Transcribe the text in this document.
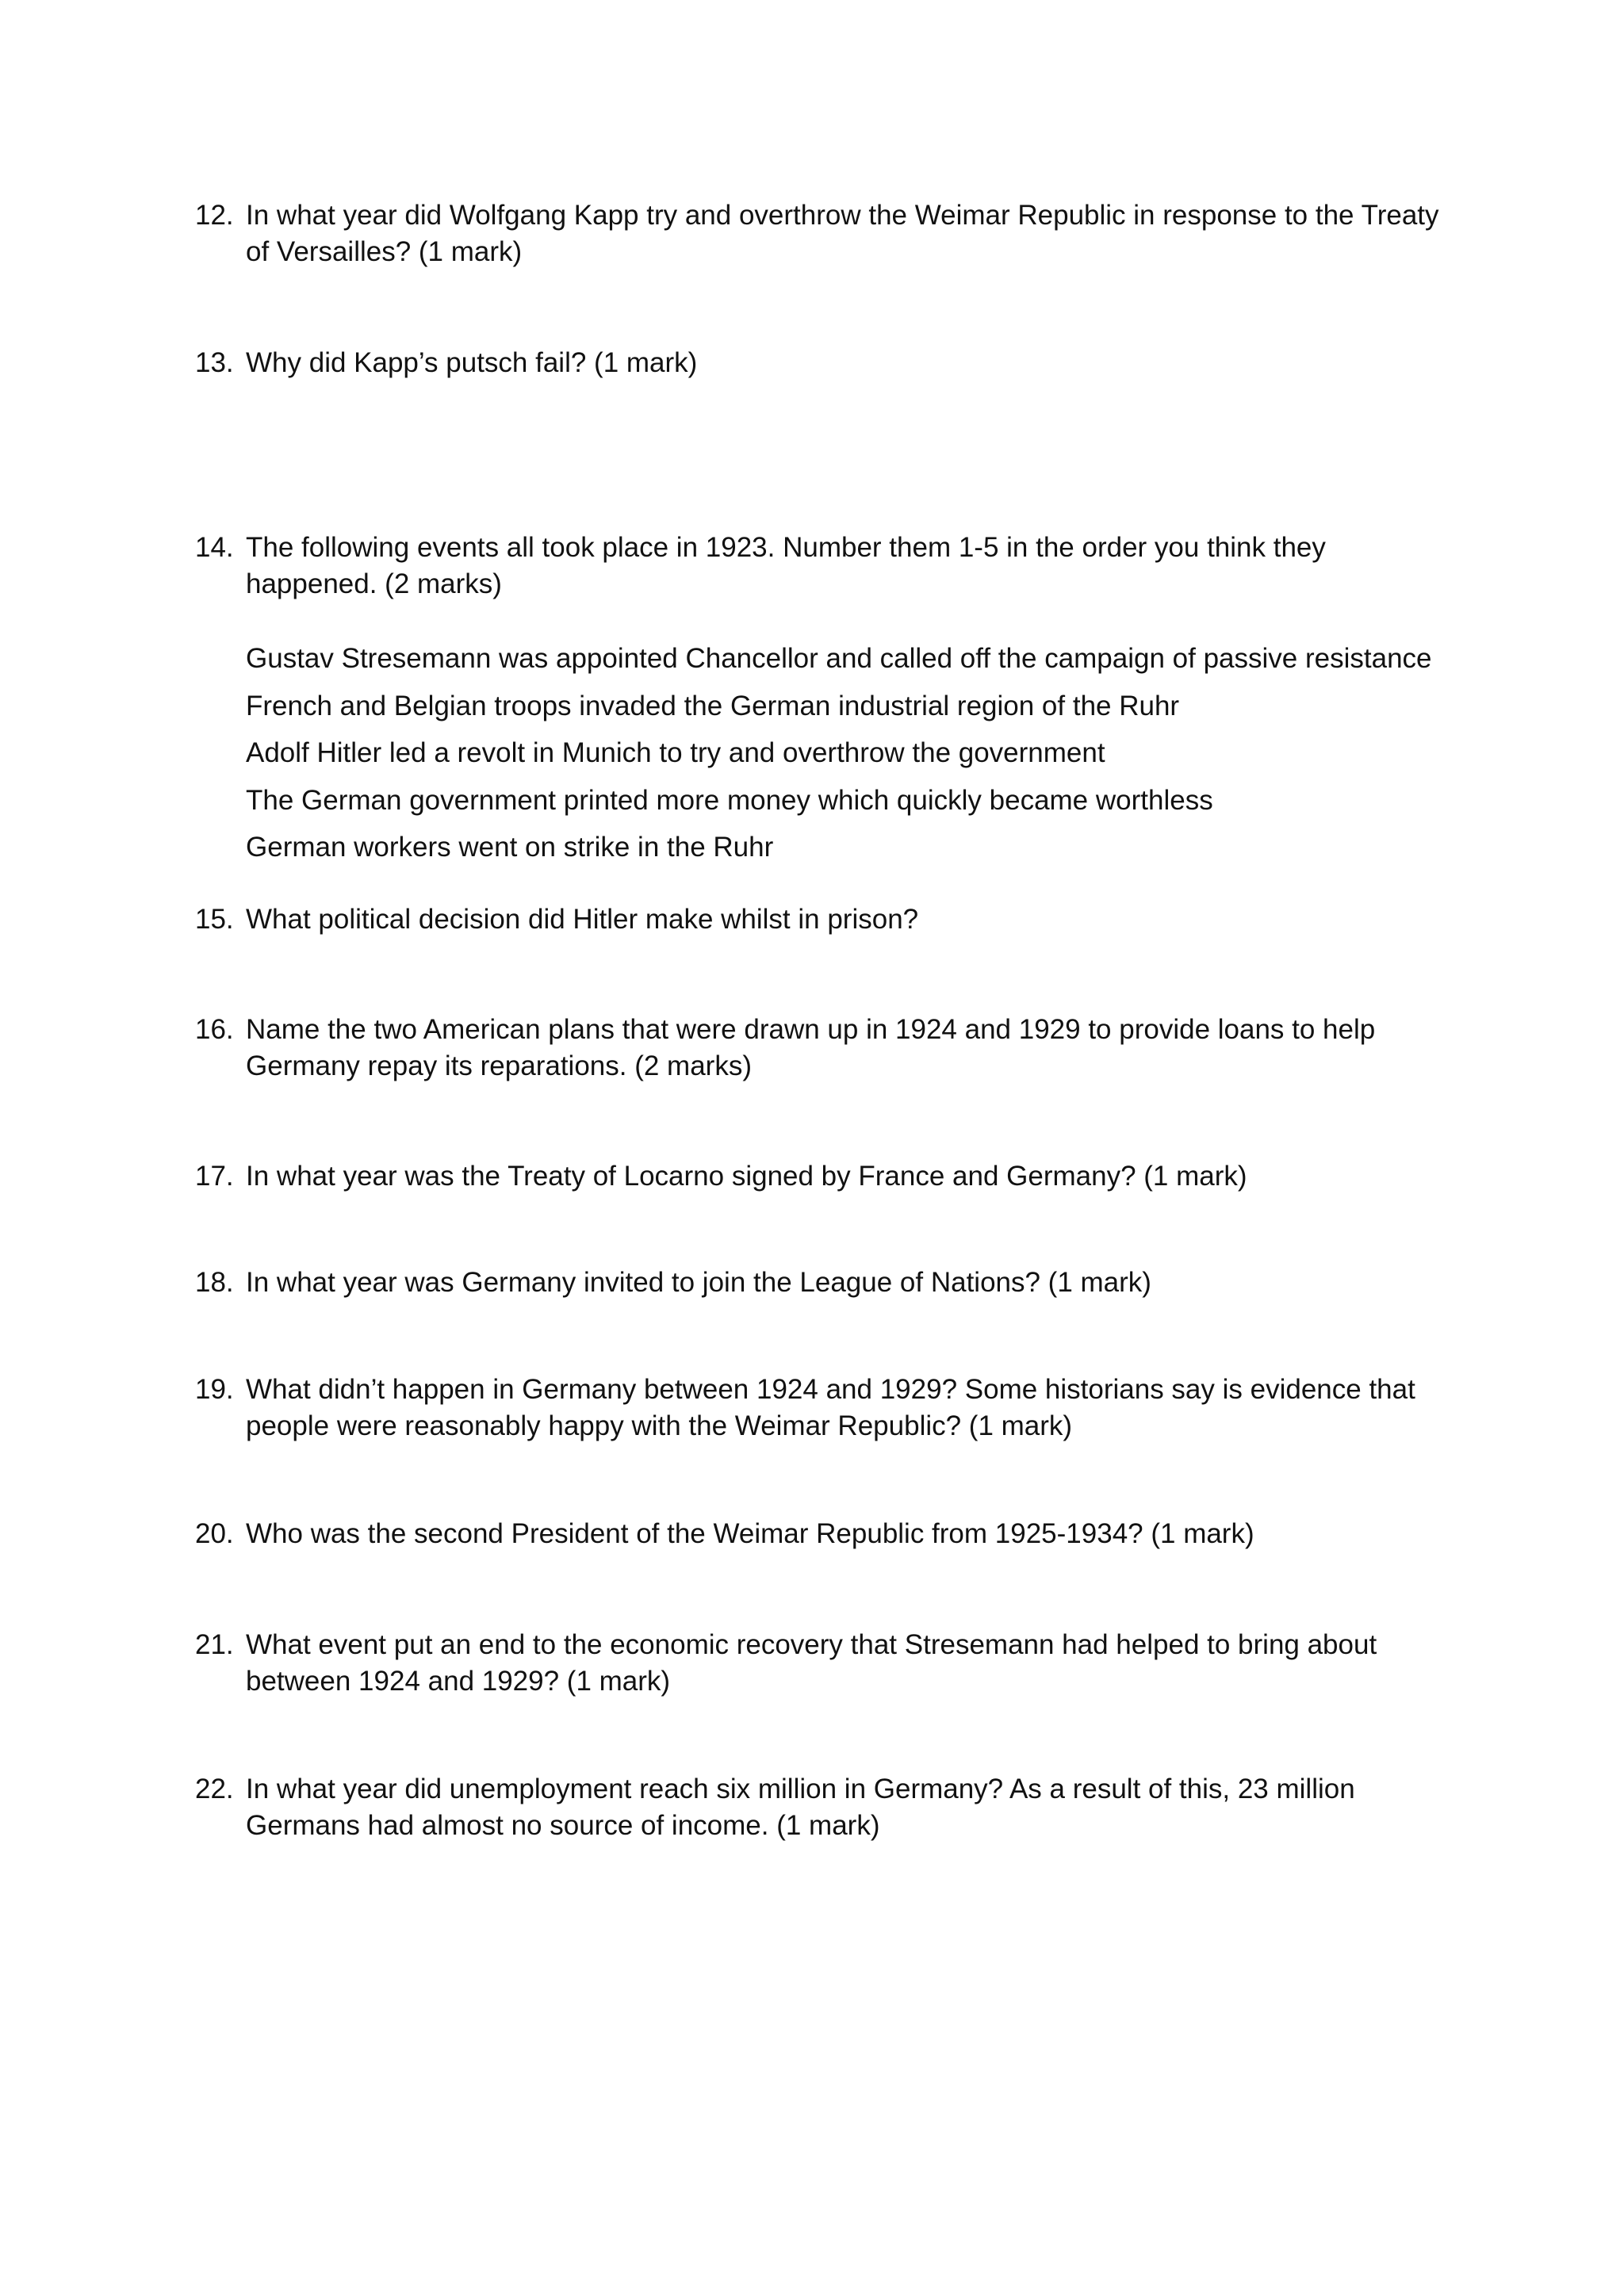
12. In what year did Wolfgang Kapp try and overthrow the Weimar Republic in response to the Treaty of Versailles? (1 mark)
13. Why did Kapp’s putsch fail? (1 mark)
14. The following events all took place in 1923. Number them 1-5 in the order you think they happened. (2 marks)
Gustav Stresemann was appointed Chancellor and called off the campaign of passive resistance
French and Belgian troops invaded the German industrial region of the Ruhr
Adolf Hitler led a revolt in Munich to try and overthrow the government
The German government printed more money which quickly became worthless
German workers went on strike in the Ruhr
15. What political decision did Hitler make whilst in prison?
16. Name the two American plans that were drawn up in 1924 and 1929 to provide loans to help Germany repay its reparations. (2 marks)
17. In what year was the Treaty of Locarno signed by France and Germany? (1 mark)
18. In what year was Germany invited to join the League of Nations? (1 mark)
19. What didn’t happen in Germany between 1924 and 1929? Some historians say is evidence that people were reasonably happy with the Weimar Republic? (1 mark)
20. Who was the second President of the Weimar Republic from 1925-1934? (1 mark)
21. What event put an end to the economic recovery that Stresemann had helped to bring about between 1924 and 1929? (1 mark)
22. In what year did unemployment reach six million in Germany? As a result of this, 23 million Germans had almost no source of income. (1 mark)
